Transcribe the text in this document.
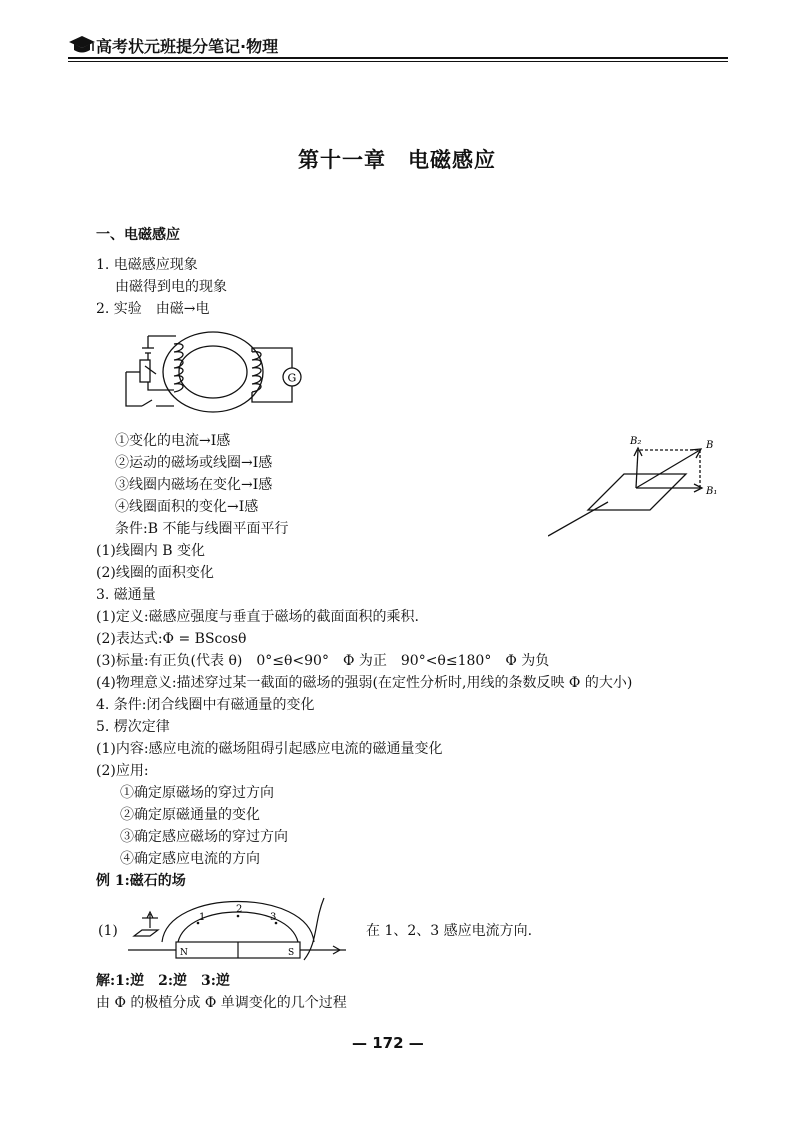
高考状元班提分笔记·物理
第十一章　电磁感应
一、电磁感应
1. 电磁感应现象
由磁得到电的现象
2. 实验　由磁→电
G
①变化的电流→I感
②运动的磁场或线圈→I感
③线圈内磁场在变化→I感
④线圈面积的变化→I感
条件:B 不能与线圈平面平行
(1)线圈内 B 变化
(2)线圈的面积变化
3. 磁通量
(1)定义:磁感应强度与垂直于磁场的截面面积的乘积.
(2)表达式:Φ = BScosθ
(3)标量:有正负(代表 θ)　0°≤θ<90°　Φ 为正　90°<θ≤180°　Φ 为负
(4)物理意义:描述穿过某一截面的磁场的强弱(在定性分析时,用线的条数反映 Φ 的大小)
4. 条件:闭合线圈中有磁通量的变化
5. 楞次定律
(1)内容:感应电流的磁场阻碍引起感应电流的磁通量变化
(2)应用:
①确定原磁场的穿过方向
②确定原磁通量的变化
③确定感应磁场的穿过方向
④确定感应电流的方向
B₂	B
B₁
例 1:磁石的场
(1)
1
2
3
N	S
在 1、2、3 感应电流方向.
解:1:逆　2:逆　3:逆
由 Φ 的极植分成 Φ 单调变化的几个过程
— 172 —
